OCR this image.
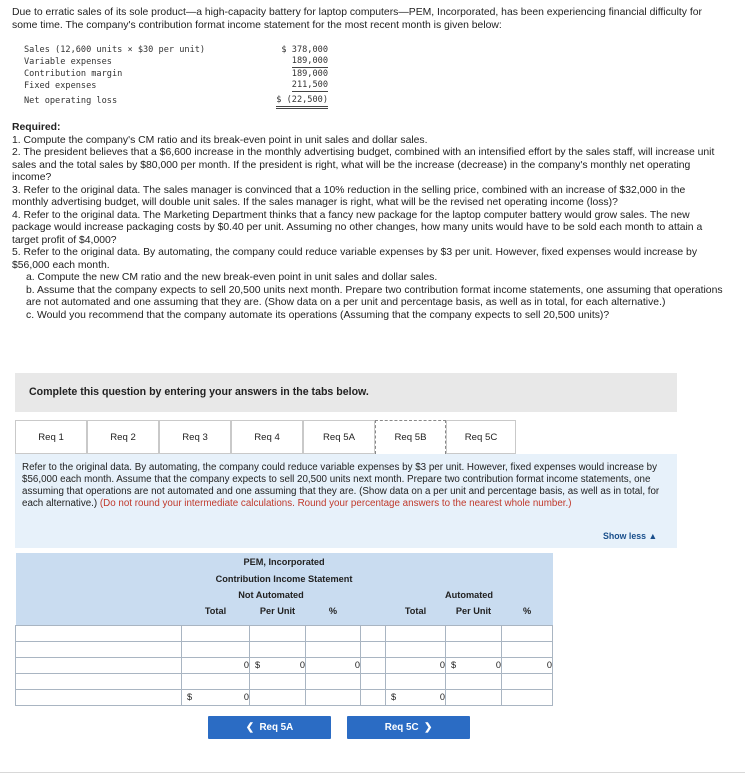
Due to erratic sales of its sole product—a high-capacity battery for laptop computers—PEM, Incorporated, has been experiencing financial difficulty for some time. The company's contribution format income statement for the most recent month is given below:
Sales (12,600 units × $30 per unit)	$ 378,000
Variable expenses	189,000
Contribution margin	189,000
Fixed expenses	211,500
Net operating loss	$ (22,500)

Required:

1. Compute the company's CM ratio and its break-even point in unit sales and dollar sales.

2. The president believes that a $6,600 increase in the monthly advertising budget, combined with an intensified effort by the sales staff, will increase unit sales and the total sales by $80,000 per month. If the president is right, what will be the increase (decrease) in the company's monthly net operating income?

3. Refer to the original data. The sales manager is convinced that a 10% reduction in the selling price, combined with an increase of $32,000 in the monthly advertising budget, will double unit sales. If the sales manager is right, what will be the revised net operating income (loss)?

4. Refer to the original data. The Marketing Department thinks that a fancy new package for the laptop computer battery would grow sales. The new package would increase packaging costs by $0.40 per unit. Assuming no other changes, how many units would have to be sold each month to attain a target profit of $4,000?

5. Refer to the original data. By automating, the company could reduce variable expenses by $3 per unit. However, fixed expenses would increase by $56,000 each month.

a. Compute the new CM ratio and the new break-even point in unit sales and dollar sales.

b. Assume that the company expects to sell 20,500 units next month. Prepare two contribution format income statements, one assuming that operations are not automated and one assuming that they are. (Show data on a per unit and percentage basis, as well as in total, for each alternative.)

c. Would you recommend that the company automate its operations (Assuming that the company expects to sell 20,500 units)?

Complete this question by entering your answers in the tabs below.
Req 1	Req 2	Req 3	Req 4	Req 5A	Req 5B	Req 5C
Refer to the original data. By automating, the company could reduce variable expenses by $3 per unit. However, fixed expenses would increase by $56,000 each month. Assume that the company expects to sell 20,500 units next month. Prepare two contribution format income statements, one assuming that operations are not automated and one assuming that they are. (Show data on a per unit and percentage basis, as well as in total, for each alternative.) (Do not round your intermediate calculations. Round your percentage answers to the nearest whole number.)
Show less ▲
PEM, Incorporated							
Contribution Income Statement							
	Not Automated				Automated		
	Total	Per Unit	%		Total	Per Unit	%

	0	$ 0	0		0	$ 0	0

	$ 0				$ 0		
❮ Req 5A	Req 5C ❯
